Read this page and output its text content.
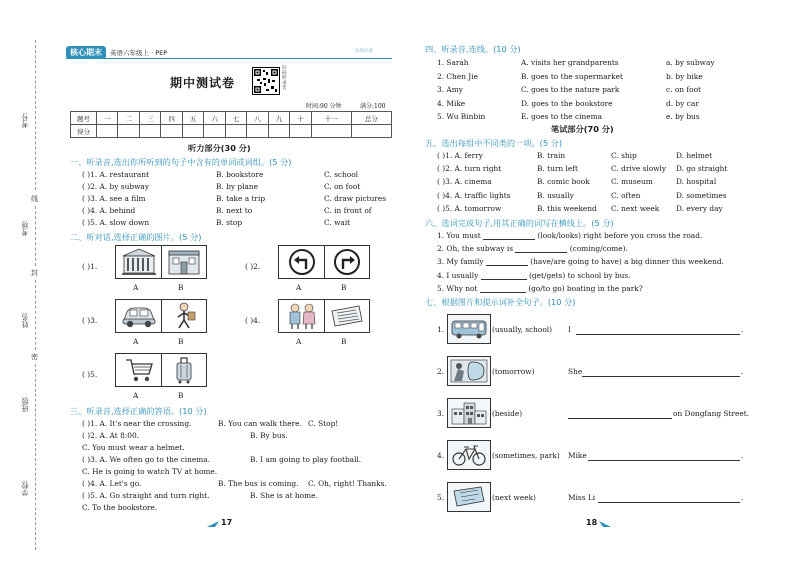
考号:
考场:
姓名:
班级:
学校:
线
封
密
核心期末	英语六年级上 · PEP	每期必备
期中测试卷
扫码听录音
时间:90 分钟	满分:100
题号	一	二	三	四	五	六	七	八	九	十	十一	总分
得分												
听力部分(30 分)
一、听录音,选出你所听到的句子中含有的单词或词组。(5 分)
( )1. A. restaurant	B. bookstore	C. school
( )2. A. by subway	B. by plane	C. on foot
( )3. A. see a film	B. take a trip	C. draw pictures
( )4. A. behind	B. next to	C. in front of
( )5. A. slow down	B. stop	C. wait
二、听对话,选择正确的图片。(5 分)
( )1.
A	B
( )2.
A	B
( )3.
A	B
( )4.
A	B
( )5.
A	B
三、听录音,选择正确的答语。(10 分)
( )1. A. It's near the crossing.	B. You can walk there. C. Stop!
( )2. A. At 8:00.	B. By bus.
C. You must wear a helmet.
( )3. A. We often go to the cinema.	B. I am going to play football.
C. He is going to watch TV at home.
( )4. A. Let's go.	B. The bus is coming. C. Oh, right! Thanks.
( )5. A. Go straight and turn right.	B. She is at home.
C. To the bookstore.
17
四、听录音,连线。(10 分)
1. Sarah	A. visits her grandparents	a. by subway
2. Chen Jie	B. goes to the supermarket	b. by bike
3. Amy	C. goes to the nature park	c. on foot
4. Mike	D. goes to the bookstore	d. by car
5. Wu Binbin	E. goes to the cinema	e. by bus
笔试部分(70 分)
五、选出每组中不同类的一项。(5 分)
( )1. A. ferry	B. train	C. ship	D. helmet
( )2. A. turn right	B. turn left	C. drive slowly D. go straight
( )3. A. cinema	B. comic book	C. museum	D. hospital
( )4. A. traffic lights	B. usually	C. often	D. sometimes
( )5. A. tomorrow	B. this weekend C. next week D. every day
六、选词完成句子,用其正确的词写在横线上。(5 分)
1. You must	(look/looks) right before you cross the road.
2. Oh, the subway is	(coming/come).
3. My family	(have/are going to have) a big dinner this weekend.
4. I usually	(get/gets) to school by bus.
5. Why not	(go/to go) boating in the park?
七、根据图片和提示词补全句子。(10 分)
1.	(usually, school) I	.
2.	(tomorrow)	She	.
3.	(beside)	on Dongfang Street.
4.	(sometimes, park) Mike	.
5.	(next week)	Miss Li	.
18
